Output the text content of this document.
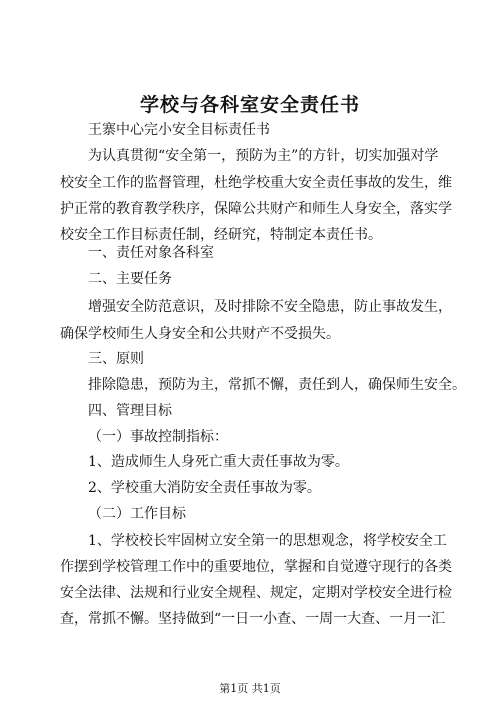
学校与各科室安全责任书
王寨中心完小安全目标责任书
为认真贯彻“安全第一，预防为主”的方针，切实加强对学
校安全工作的监督管理，杜绝学校重大安全责任事故的发生，维
护正常的教育教学秩序，保障公共财产和师生人身安全，落实学
校安全工作目标责任制，经研究，特制定本责任书。
一、责任对象各科室
二、主要任务
增强安全防范意识，及时排除不安全隐患，防止事故发生，
确保学校师生人身安全和公共财产不受损失。
三、原则
排除隐患，预防为主，常抓不懈，责任到人，确保师生安全。
四、管理目标
（一）事故控制指标：
1、造成师生人身死亡重大责任事故为零。
2、学校重大消防安全责任事故为零。
（二）工作目标
1、学校校长牢固树立安全第一的思想观念，将学校安全工
作摆到学校管理工作中的重要地位，掌握和自觉遵守现行的各类
安全法律、法规和行业安全规程、规定，定期对学校安全进行检
查，常抓不懈。坚持做到“一日一小查、一周一大查、一月一汇
第1页 共1页
